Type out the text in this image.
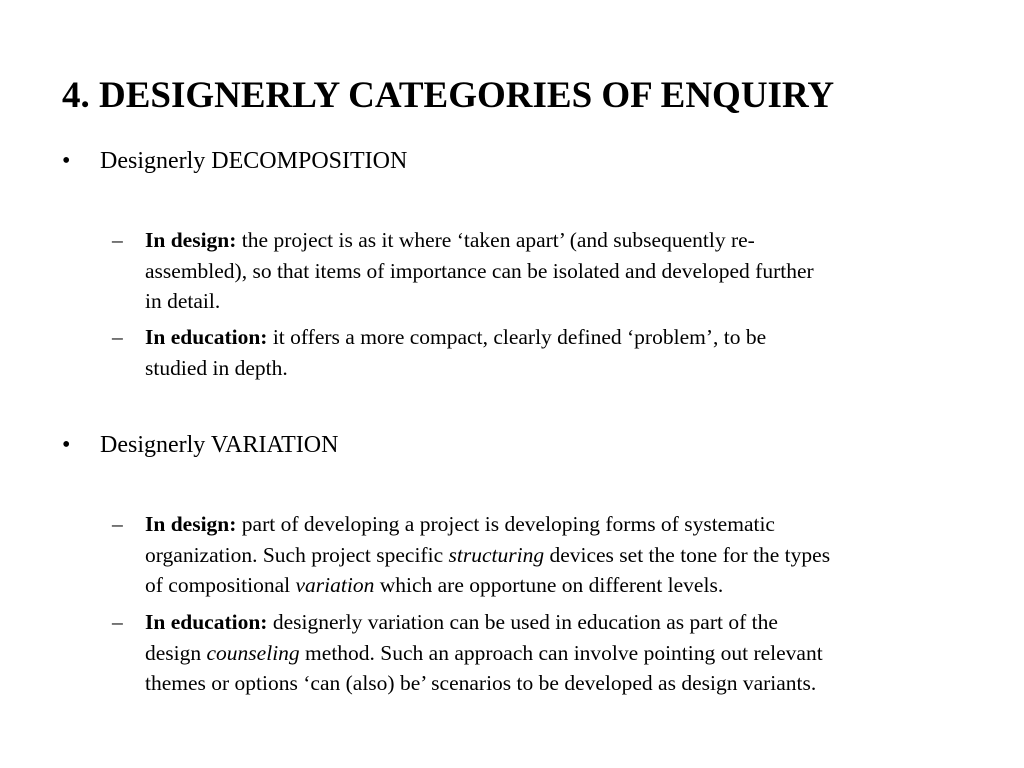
4. DESIGNERLY CATEGORIES OF ENQUIRY
• Designerly DECOMPOSITION
– In design: the project is as it where ‘taken apart’ (and subsequently re-
assembled), so that items of importance can be isolated and developed further
in detail.
– In education: it offers a more compact, clearly defined ‘problem’, to be
studied in depth.
• Designerly VARIATION
– In design: part of developing a project is developing forms of systematic
organization. Such project specific structuring devices set the tone for the types
of compositional variation which are opportune on different levels.
– In education: designerly variation can be used in education as part of the
design counseling method. Such an approach can involve pointing out relevant
themes or options ‘can (also) be’ scenarios to be developed as design variants.
